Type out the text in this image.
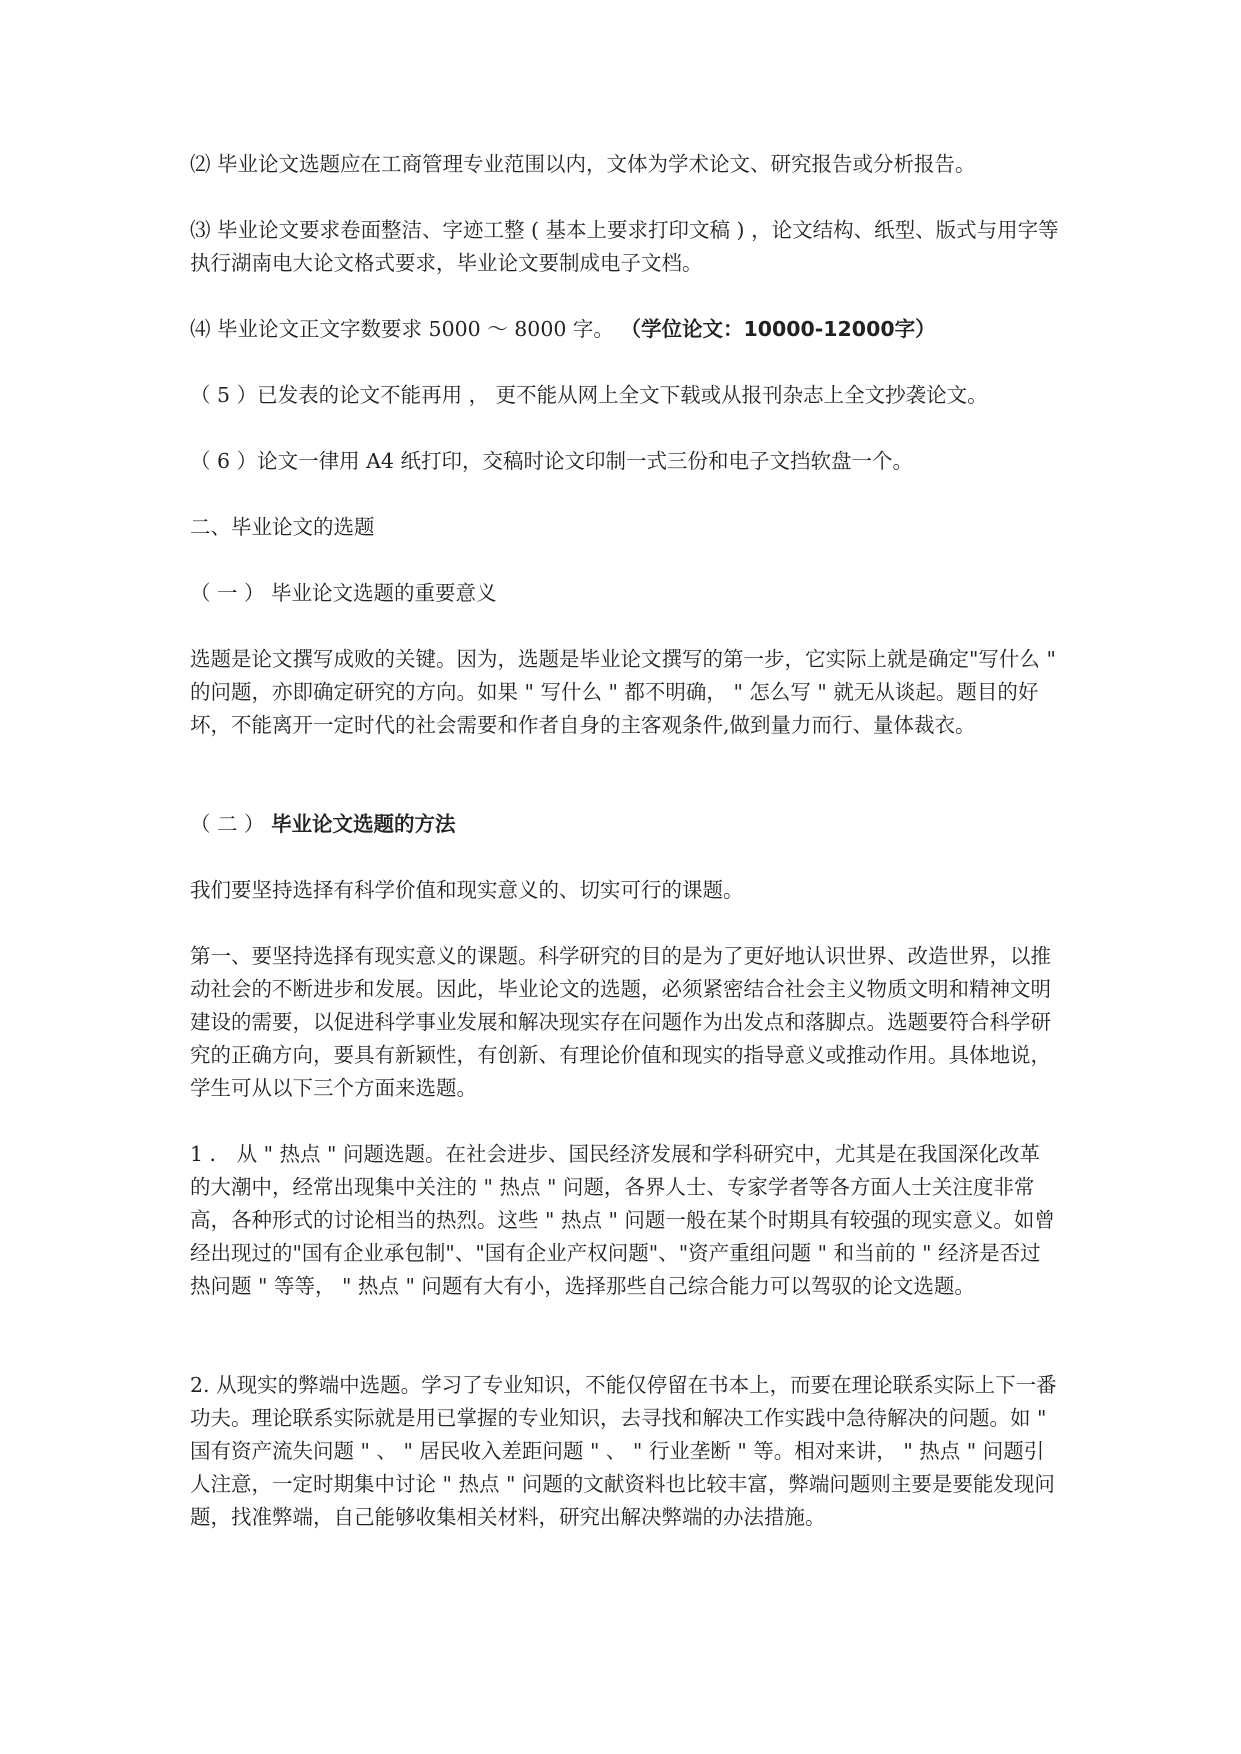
⑵ 毕业论文选题应在工商管理专业范围以内，文体为学术论文、研究报告或分析报告。

⑶ 毕业论文要求卷面整洁、字迹工整 ( 基本上要求打印文稿 ) ，论文结构、纸型、版式与用字等执行湖南电大论文格式要求，毕业论文要制成电子文档。

⑷ 毕业论文正文字数要求 5000 ～ 8000 字。 （学位论文：10000-12000字）

（ 5 ）已发表的论文不能再用 ， 更不能从网上全文下载或从报刊杂志上全文抄袭论文。

（ 6 ）论文一律用 A4 纸打印，交稿时论文印制一式三份和电子文挡软盘一个。

二、毕业论文的选题

（ 一 ） 毕业论文选题的重要意义

选题是论文撰写成败的关键。因为，选题是毕业论文撰写的第一步，它实际上就是确定"写什么 " 的问题，亦即确定研究的方向。如果 " 写什么 " 都不明确， " 怎么写 " 就无从谈起。题目的好坏，不能离开一定时代的社会需要和作者自身的主客观条件,做到量力而行、量体裁衣。

（ 二 ） 毕业论文选题的方法

我们要坚持选择有科学价值和现实意义的、切实可行的课题。

第一、要坚持选择有现实意义的课题。科学研究的目的是为了更好地认识世界、改造世界，以推动社会的不断进步和发展。因此，毕业论文的选题，必须紧密结合社会主义物质文明和精神文明建设的需要，以促进科学事业发展和解决现实存在问题作为出发点和落脚点。选题要符合科学研究的正确方向，要具有新颖性，有创新、有理论价值和现实的指导意义或推动作用。具体地说，学生可从以下三个方面来选题。

1 ． 从 " 热点 " 问题选题。在社会进步、国民经济发展和学科研究中，尤其是在我国深化改革的大潮中，经常出现集中关注的 " 热点 " 问题，各界人士、专家学者等各方面人士关注度非常高，各种形式的讨论相当的热烈。这些 " 热点 " 问题一般在某个时期具有较强的现实意义。如曾经出现过的"国有企业承包制"、"国有企业产权问题"、"资产重组问题 " 和当前的 " 经济是否过热问题 " 等等， " 热点 " 问题有大有小，选择那些自己综合能力可以驾驭的论文选题。

2. 从现实的弊端中选题。学习了专业知识，不能仅停留在书本上，而要在理论联系实际上下一番功夫。理论联系实际就是用已掌握的专业知识，去寻找和解决工作实践中急待解决的问题。如 " 国有资产流失问题 " 、 " 居民收入差距问题 " 、 " 行业垄断 " 等。相对来讲， " 热点 " 问题引人注意，一定时期集中讨论 " 热点 " 问题的文献资料也比较丰富，弊端问题则主要是要能发现问题，找准弊端，自己能够收集相关材料，研究出解决弊端的办法措施。
